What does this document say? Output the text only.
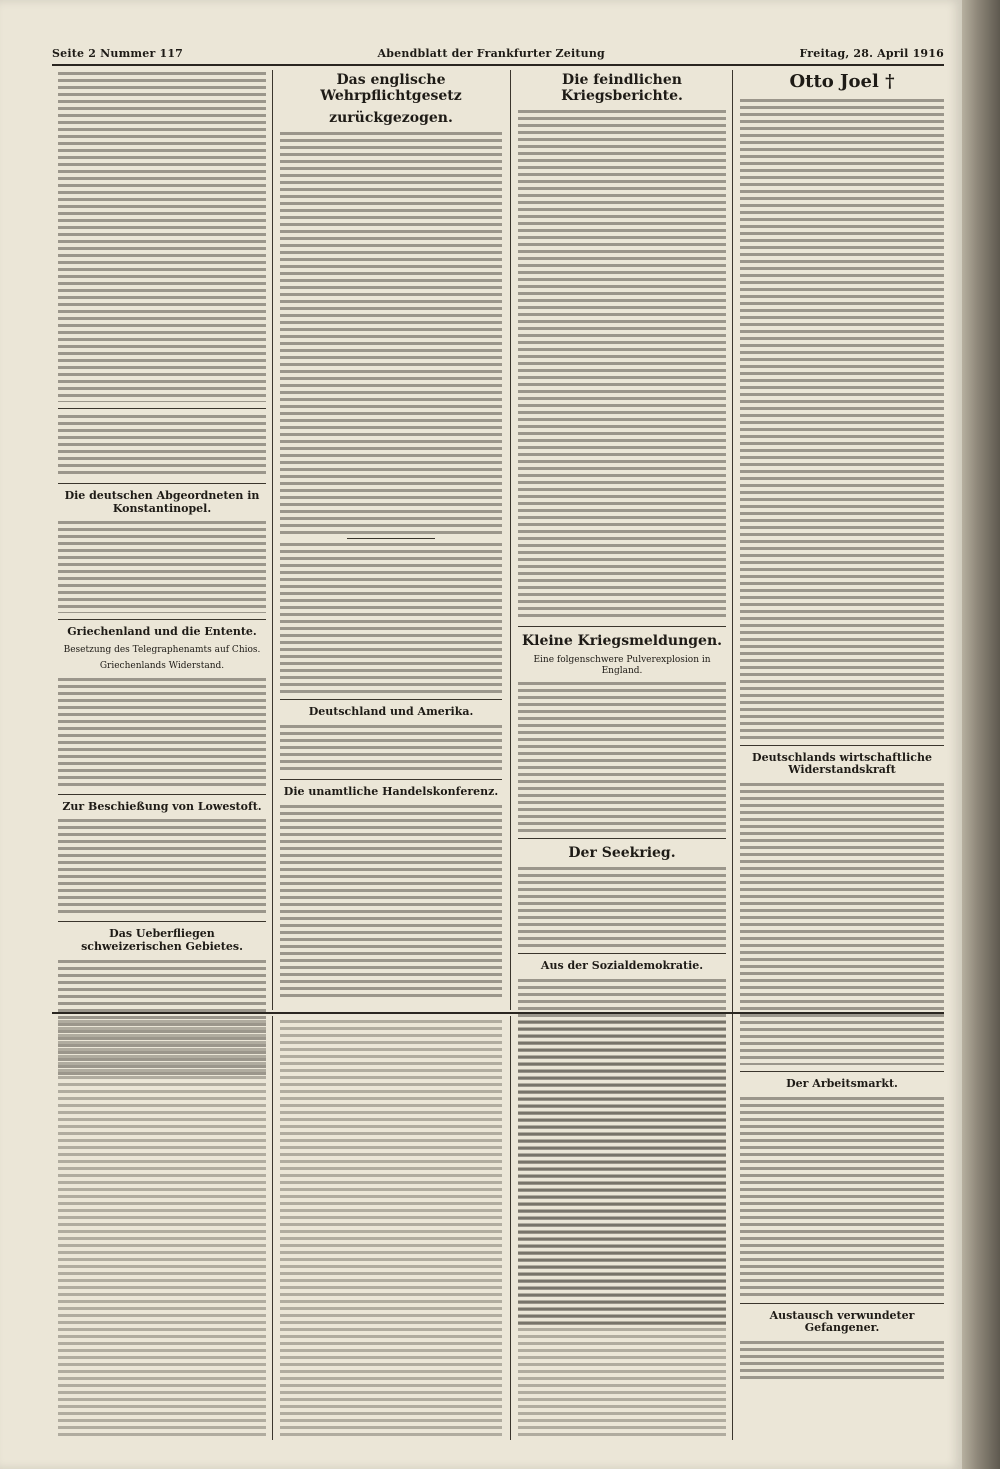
Seite 2 Nummer 117	Abendblatt der Frankfurter Zeitung	Freitag, 28. April 1916
Die deutschen Abgeordneten in Konstantinopel.
Griechenland und die Entente.
Besetzung des Telegraphenamts auf Chios.
Griechenlands Widerstand.
Zur Beschießung von Lowestoft.
Das Ueberfliegen schweizerischen Gebietes.
Das englische Wehrpflichtgesetz
zurückgezogen.
Deutschland und Amerika.
Die unamtliche Handelskonferenz.
Die feindlichen Kriegsberichte.
Kleine Kriegsmeldungen.
Eine folgenschwere Pulverexplosion in England.
Der Seekrieg.
Aus der Sozialdemokratie.
Otto Joel †
Deutschlands wirtschaftliche Widerstandskraft
Der Arbeitsmarkt.
Austausch verwundeter Gefangener.
